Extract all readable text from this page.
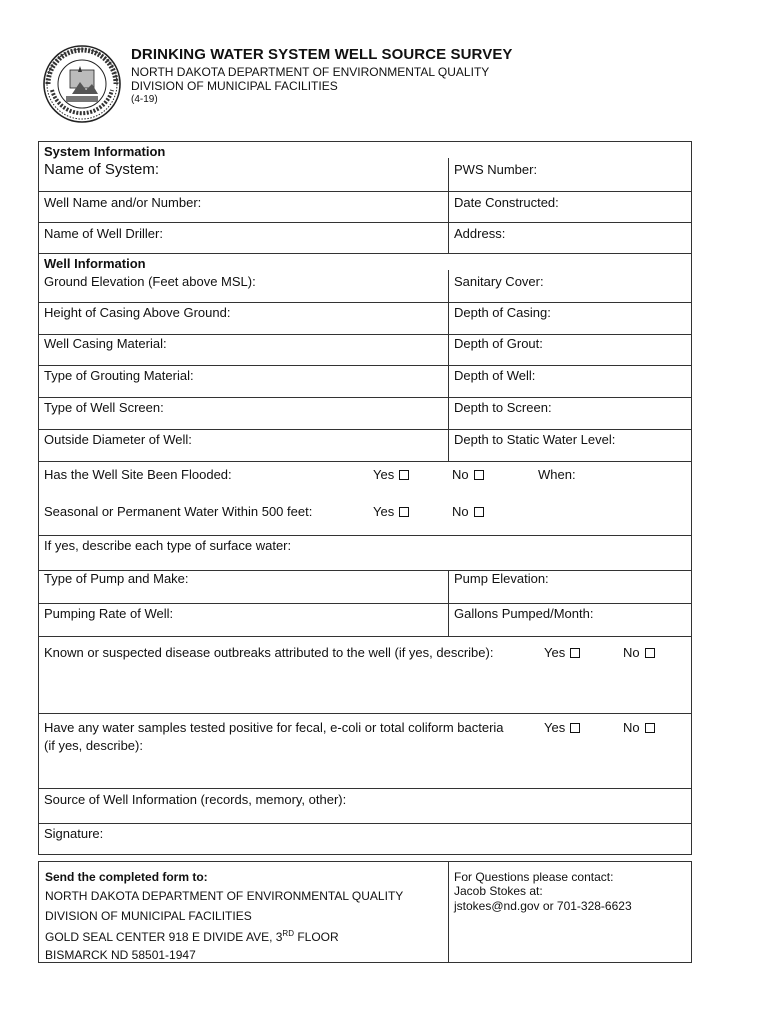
DRINKING WATER SYSTEM WELL SOURCE SURVEY
NORTH DAKOTA DEPARTMENT OF ENVIRONMENTAL QUALITY
DIVISION OF MUNICIPAL FACILITIES
(4-19)
System Information
Name of System:	PWS Number:
Well Name and/or Number:	Date Constructed:
Name of Well Driller:	Address:
Well Information
Ground Elevation (Feet above MSL):	Sanitary Cover:
Height of Casing Above Ground:	Depth of Casing:
Well Casing Material:	Depth of Grout:
Type of Grouting Material:	Depth of Well:
Type of Well Screen:	Depth to Screen:
Outside Diameter of Well:	Depth to Static Water Level:
Has the Well Site Been Flooded:	Yes	No	When:
Seasonal or Permanent Water Within 500 feet:	Yes	No
If yes, describe each type of surface water:
Type of Pump and Make:	Pump Elevation:
Pumping Rate of Well:	Gallons Pumped/Month:
Known or suspected disease outbreaks attributed to the well (if yes, describe):	Yes	No
Have any water samples tested positive for fecal, e-coli or total coliform bacteria
(if yes, describe):
Yes	No
Source of Well Information (records, memory, other):
Signature:
Send the completed form to:
NORTH DAKOTA DEPARTMENT OF ENVIRONMENTAL QUALITY
DIVISION OF MUNICIPAL FACILITIES
GOLD SEAL CENTER 918 E DIVIDE AVE, 3RD FLOOR
BISMARCK ND 58501-1947
For Questions please contact:
Jacob Stokes at:
jstokes@nd.gov or 701-328-6623
